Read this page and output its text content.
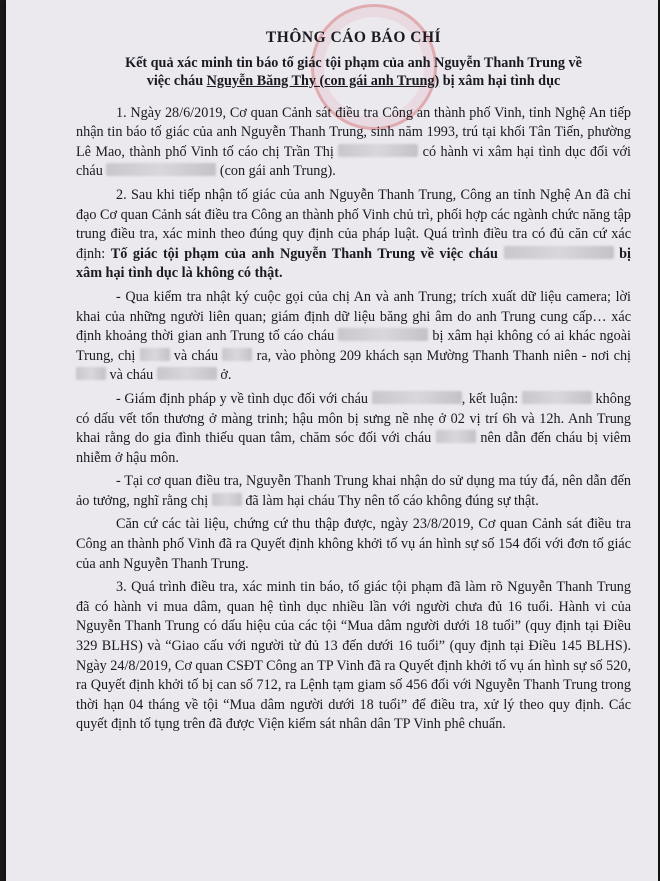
THÔNG CÁO BÁO CHÍ
Kết quả xác minh tin báo tố giác tội phạm của anh Nguyễn Thanh Trung về
việc cháu Nguyễn Băng Thy (con gái anh Trung) bị xâm hại tình dục

1. Ngày 28/6/2019, Cơ quan Cảnh sát điều tra Công an thành phố Vinh, tỉnh Nghệ An tiếp nhận tin báo tố giác của anh Nguyễn Thanh Trung, sinh năm 1993, trú tại khối Tân Tiến, phường Lê Mao, thành phố Vinh tố cáo chị Trần Thị	có hành vi xâm hại tình dục đối với cháu	(con gái anh Trung).

2. Sau khi tiếp nhận tố giác của anh Nguyễn Thanh Trung, Công an tỉnh Nghệ An đã chỉ đạo Cơ quan Cảnh sát điều tra Công an thành phố Vinh chủ trì, phối hợp các ngành chức năng tập trung điều tra, xác minh theo đúng quy định của pháp luật. Quá trình điều tra có đủ căn cứ xác định: Tố giác tội phạm của anh Nguyễn Thanh Trung về việc cháu	bị xâm hại tình dục là không có thật.

- Qua kiểm tra nhật ký cuộc gọi của chị An và anh Trung; trích xuất dữ liệu camera; lời khai của những người liên quan; giám định dữ liệu băng ghi âm do anh Trung cung cấp… xác định khoảng thời gian anh Trung tố cáo cháu	bị xâm hại không có ai khác ngoài Trung, chị  và cháu  ra, vào phòng 209 khách sạn Mường Thanh Thanh niên - nơi chị  và cháu	ở.

- Giám định pháp y về tình dục đối với cháu	, kết luận:	không có dấu vết tổn thương ở màng trinh; hậu môn bị sưng nề nhẹ ở 02 vị trí 6h và 12h. Anh Trung khai rằng do gia đình thiếu quan tâm, chăm sóc đối với cháu	nên dẫn đến cháu bị viêm nhiễm ở hậu môn.

- Tại cơ quan điều tra, Nguyễn Thanh Trung khai nhận do sử dụng ma túy đá, nên dẫn đến ảo tưởng, nghĩ rằng chị  đã làm hại cháu Thy nên tố cáo không đúng sự thật.

Căn cứ các tài liệu, chứng cứ thu thập được, ngày 23/8/2019, Cơ quan Cảnh sát điều tra Công an thành phố Vinh đã ra Quyết định không khởi tố vụ án hình sự số 154 đối với đơn tố giác của anh Nguyễn Thanh Trung.

3. Quá trình điều tra, xác minh tin báo, tố giác tội phạm đã làm rõ Nguyễn Thanh Trung đã có hành vi mua dâm, quan hệ tình dục nhiều lần với người chưa đủ 16 tuổi. Hành vi của Nguyễn Thanh Trung có dấu hiệu của các tội “Mua dâm người dưới 18 tuổi” (quy định tại Điều 329 BLHS) và “Giao cấu với người từ đủ 13 đến dưới 16 tuổi” (quy định tại Điều 145 BLHS). Ngày 24/8/2019, Cơ quan CSĐT Công an TP Vinh đã ra Quyết định khởi tố vụ án hình sự số 520, ra Quyết định khởi tố bị can số 712, ra Lệnh tạm giam số 456 đối với Nguyễn Thanh Trung trong thời hạn 04 tháng về tội “Mua dâm người dưới 18 tuổi” để điều tra, xử lý theo quy định. Các quyết định tố tụng trên đã được Viện kiểm sát nhân dân TP Vinh phê chuẩn.
